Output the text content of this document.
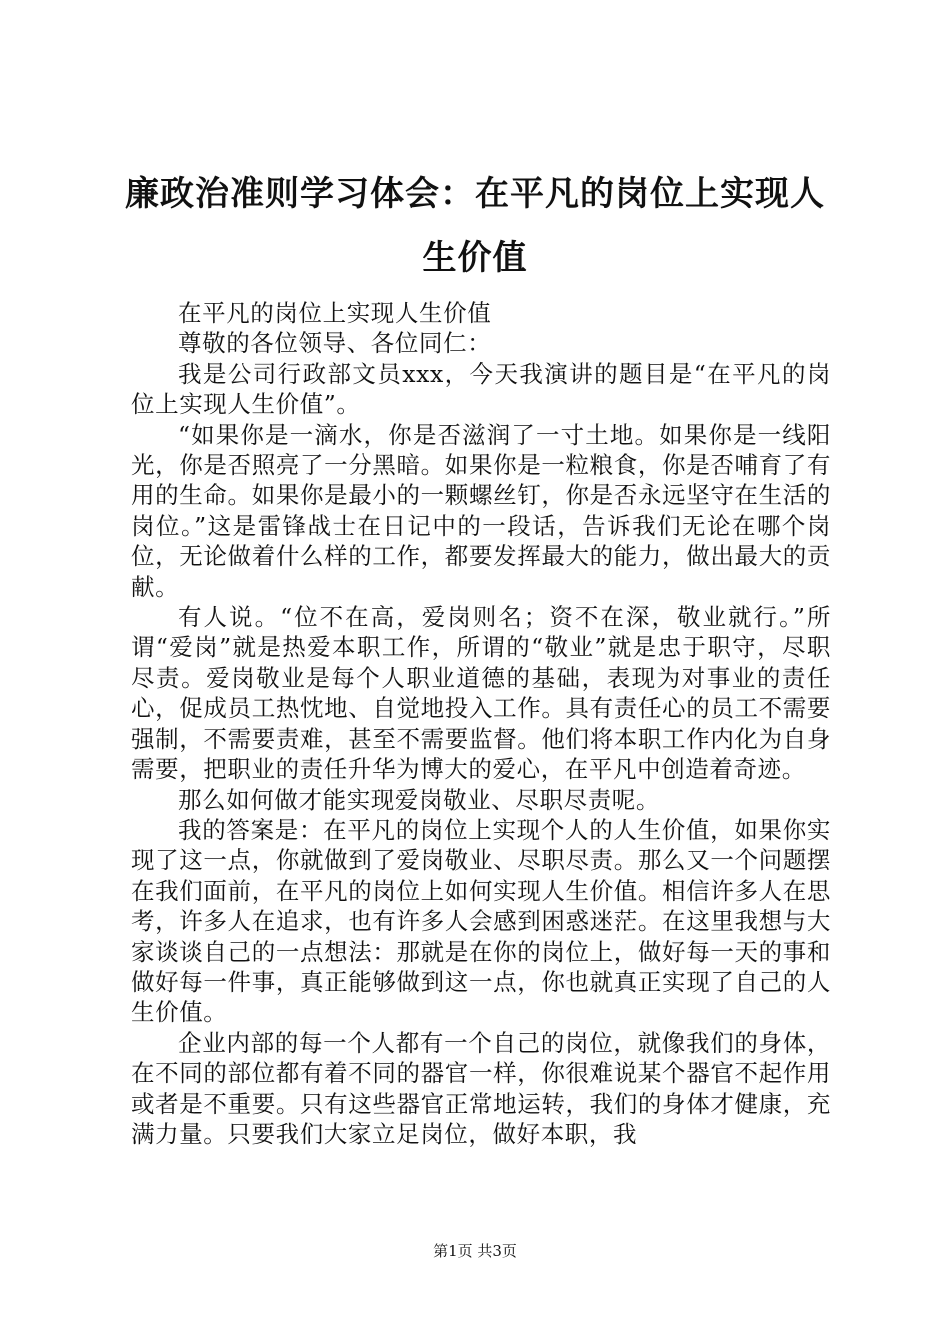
廉政治准则学习体会：在平凡的岗位上实现人生价值

在平凡的岗位上实现人生价值

尊敬的各位领导、各位同仁：

我是公司行政部文员xxx，今天我演讲的题目是“在平凡的岗位上实现人生价值”。

“如果你是一滴水，你是否滋润了一寸土地。如果你是一线阳光，你是否照亮了一分黑暗。如果你是一粒粮食，你是否哺育了有用的生命。如果你是最小的一颗螺丝钉，你是否永远坚守在生活的岗位。”这是雷锋战士在日记中的一段话，告诉我们无论在哪个岗位，无论做着什么样的工作，都要发挥最大的能力，做出最大的贡献。

有人说。“位不在高，爱岗则名；资不在深，敬业就行。”所谓“爱岗”就是热爱本职工作，所谓的“敬业”就是忠于职守，尽职尽责。爱岗敬业是每个人职业道德的基础，表现为对事业的责任心，促成员工热忱地、自觉地投入工作。具有责任心的员工不需要强制，不需要责难，甚至不需要监督。他们将本职工作内化为自身需要，把职业的责任升华为博大的爱心，在平凡中创造着奇迹。

那么如何做才能实现爱岗敬业、尽职尽责呢。

我的答案是：在平凡的岗位上实现个人的人生价值，如果你实现了这一点，你就做到了爱岗敬业、尽职尽责。那么又一个问题摆在我们面前，在平凡的岗位上如何实现人生价值。相信许多人在思考，许多人在追求，也有许多人会感到困惑迷茫。在这里我想与大家谈谈自己的一点想法：那就是在你的岗位上，做好每一天的事和做好每一件事，真正能够做到这一点，你也就真正实现了自己的人生价值。

企业内部的每一个人都有一个自己的岗位，就像我们的身体，在不同的部位都有着不同的器官一样，你很难说某个器官不起作用或者是不重要。只有这些器官正常地运转，我们的身体才健康，充满力量。只要我们大家立足岗位，做好本职，我

第1页 共3页
